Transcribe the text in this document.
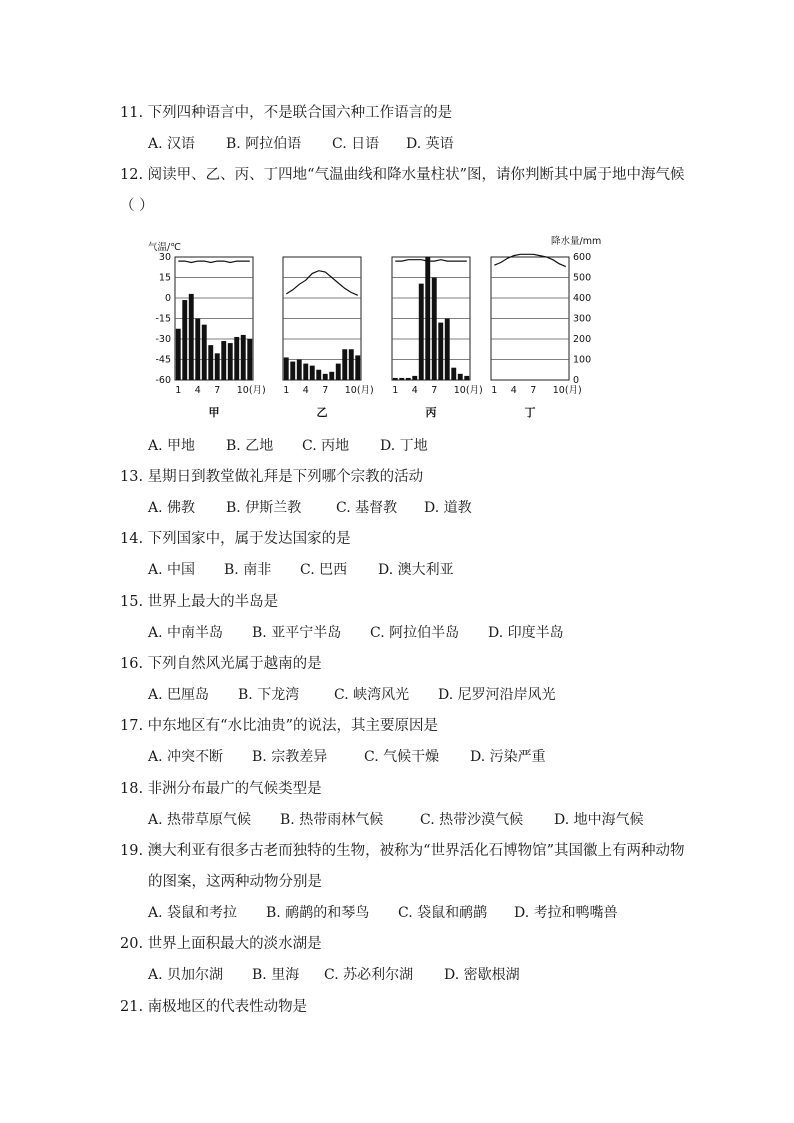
11. 下列四种语言中，不是联合国六种工作语言的是
A. 汉语 B. 阿拉伯语 C. 日语 D. 英语
12. 阅读甲、乙、丙、丁四地“气温曲线和降水量柱状”图，请你判断其中属于地中海气候
（ ）
气温/℃
降水量/mm
30
15
0
-15
-30
-45
-60
600
500
400
300
200
100
0
1 4 7 10(月)
甲
1 4 7 10(月)
乙
1 4 7 10(月)
丙
1 4 7 10(月)
丁
A. 甲地 B. 乙地 C. 丙地 D. 丁地
13. 星期日到教堂做礼拜是下列哪个宗教的活动
A. 佛教 B. 伊斯兰教 C. 基督教 D. 道教
14. 下列国家中，属于发达国家的是
A. 中国 B. 南非 C. 巴西 D. 澳大利亚
15. 世界上最大的半岛是
A. 中南半岛 B. 亚平宁半岛 C. 阿拉伯半岛 D. 印度半岛
16. 下列自然风光属于越南的是
A. 巴厘岛 B. 下龙湾 C. 峡湾风光 D. 尼罗河沿岸风光
17. 中东地区有“水比油贵”的说法，其主要原因是
A. 冲突不断 B. 宗教差异	C. 气候干燥 D. 污染严重
18. 非洲分布最广的气候类型是
A. 热带草原气候 B. 热带雨林气候	C. 热带沙漠气候 D. 地中海气候
19. 澳大利亚有很多古老而独特的生物，被称为“世界活化石博物馆”其国徽上有两种动物
的图案，这两种动物分别是
A. 袋鼠和考拉 B. 鸸鹋的和琴鸟 C. 袋鼠和鸸鹋 D. 考拉和鸭嘴兽
20. 世界上面积最大的淡水湖是
A. 贝加尔湖 B. 里海 C. 苏必利尔湖 D. 密歇根湖
21. 南极地区的代表性动物是
